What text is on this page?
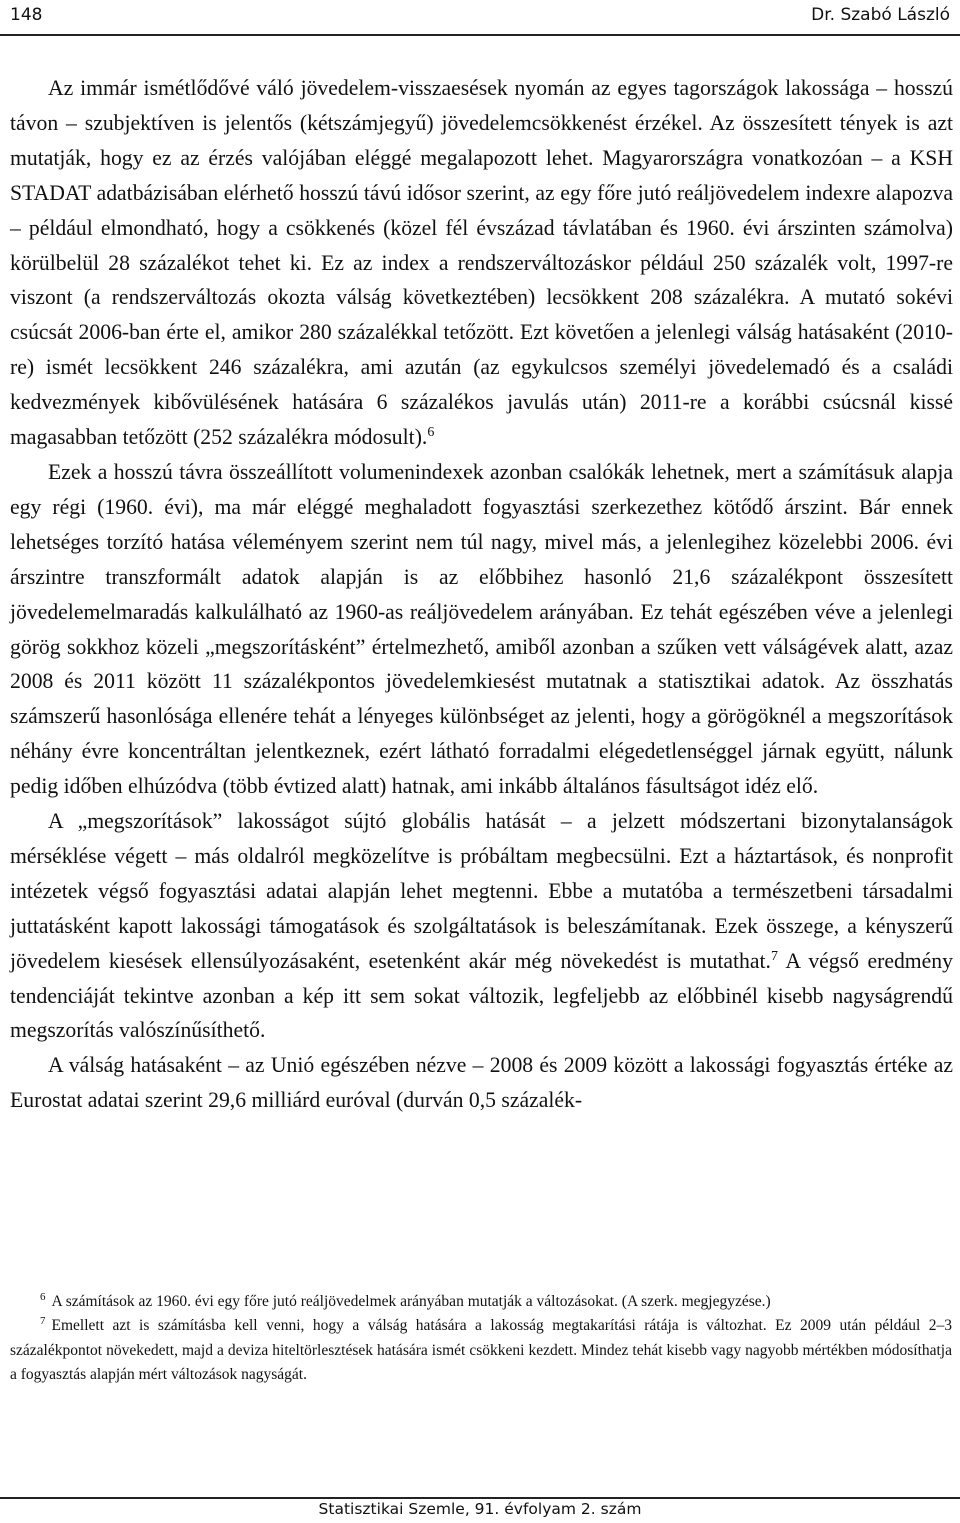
148	Dr. Szabó László

Az immár ismétlődővé váló jövedelem-visszaesések nyomán az egyes tagországok lakossága – hosszú távon – szubjektíven is jelentős (kétszámjegyű) jövedelemcsökkenést érzékel. Az összesített tények is azt mutatják, hogy ez az érzés valójában eléggé megalapozott lehet. Magyarországra vonatkozóan – a KSH STADAT adatbázisában elérhető hosszú távú idősor szerint, az egy főre jutó reáljövedelem indexre alapozva – például elmondható, hogy a csökkenés (közel fél évszázad távlatában és 1960. évi árszinten számolva) körülbelül 28 százalékot tehet ki. Ez az index a rendszerváltozáskor például 250 százalék volt, 1997-re viszont (a rendszerváltozás okozta válság következtében) lecsökkent 208 százalékra. A mutató sokévi csúcsát 2006-ban érte el, amikor 280 százalékkal tetőzött. Ezt követően a jelenlegi válság hatásaként (2010-re) ismét lecsökkent 246 százalékra, ami azután (az egykulcsos személyi jövedelemadó és a családi kedvezmények kibővülésének hatására 6 százalékos javulás után) 2011-re a korábbi csúcsnál kissé magasabban tetőzött (252 százalékra módosult).$^6$

Ezek a hosszú távra összeállított volumenindexek azonban csalókák lehetnek, mert a számításuk alapja egy régi (1960. évi), ma már eléggé meghaladott fogyasztási szerkezethez kötődő árszint. Bár ennek lehetséges torzító hatása véleményem szerint nem túl nagy, mivel más, a jelenlegihez közelebbi 2006. évi árszintre transzformált adatok alapján is az előbbihez hasonló 21,6 százalékpont összesített jövedelemelmaradás kalkulálható az 1960-as reáljövedelem arányában. Ez tehát egészében véve a jelenlegi görög sokkhoz közeli „megszorításként” értelmezhető, amiből azonban a szűken vett válságévek alatt, azaz 2008 és 2011 között 11 százalékpontos jövedelemkiesést mutatnak a statisztikai adatok. Az összhatás számszerű hasonlósága ellenére tehát a lényeges különbséget az jelenti, hogy a görögöknél a megszorítások néhány évre koncentráltan jelentkeznek, ezért látható forradalmi elégedetlenséggel járnak együtt, nálunk pedig időben elhúzódva (több évtized alatt) hatnak, ami inkább általános fásultságot idéz elő.

A „megszorítások” lakosságot sújtó globális hatását – a jelzett módszertani bizonytalanságok mérséklése végett – más oldalról megközelítve is próbáltam megbecsülni. Ezt a háztartások, és nonprofit intézetek végső fogyasztási adatai alapján lehet megtenni. Ebbe a mutatóba a természetbeni társadalmi juttatásként kapott lakossági támogatások és szolgáltatások is beleszámítanak. Ezek összege, a kényszerű jövedelem kiesések ellensúlyozásaként, esetenként akár még növekedést is mutathat.$^7$ A végső eredmény tendenciáját tekintve azonban a kép itt sem sokat változik, legfeljebb az előbbinél kisebb nagyságrendű megszorítás valószínűsíthető.

A válság hatásaként – az Unió egészében nézve – 2008 és 2009 között a lakossági fogyasztás értéke az Eurostat adatai szerint 29,6 milliárd euróval (durván 0,5 százalék-

$^6$ A számítások az 1960. évi egy főre jutó reáljövedelmek arányában mutatják a változásokat. (A szerk. megjegyzése.)

$^7$ Emellett azt is számításba kell venni, hogy a válság hatására a lakosság megtakarítási rátája is változhat. Ez 2009 után például 2–3 százalékpontot növekedett, majd a deviza hiteltörlesztések hatására ismét csökkeni kezdett. Mindez tehát kisebb vagy nagyobb mértékben módosíthatja a fogyasztás alapján mért változások nagyságát.

Statisztikai Szemle, 91. évfolyam 2. szám
